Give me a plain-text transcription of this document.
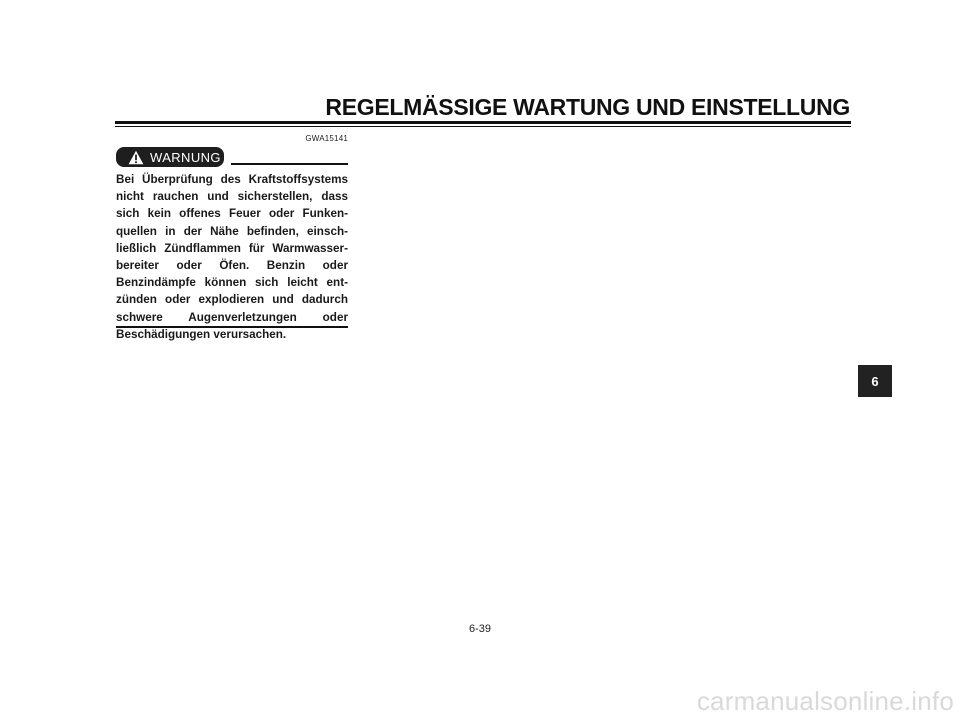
REGELMÄSSIGE WARTUNG UND EINSTELLUNG
GWA15141
WARNUNG

Bei Überprüfung des Kraftstoffsystems nicht rauchen und sicherstellen, dass sich kein offenes Feuer oder Funkenquellen in der Nähe befinden, einschließlich Zündflammen für Warmwasserbereiter oder Öfen. Benzin oder Benzindämpfe können sich leicht entzünden oder explodieren und dadurch schwere Augenverletzungen oder Beschädigungen verursachen.

6
6-39
carmanualsonline.info
